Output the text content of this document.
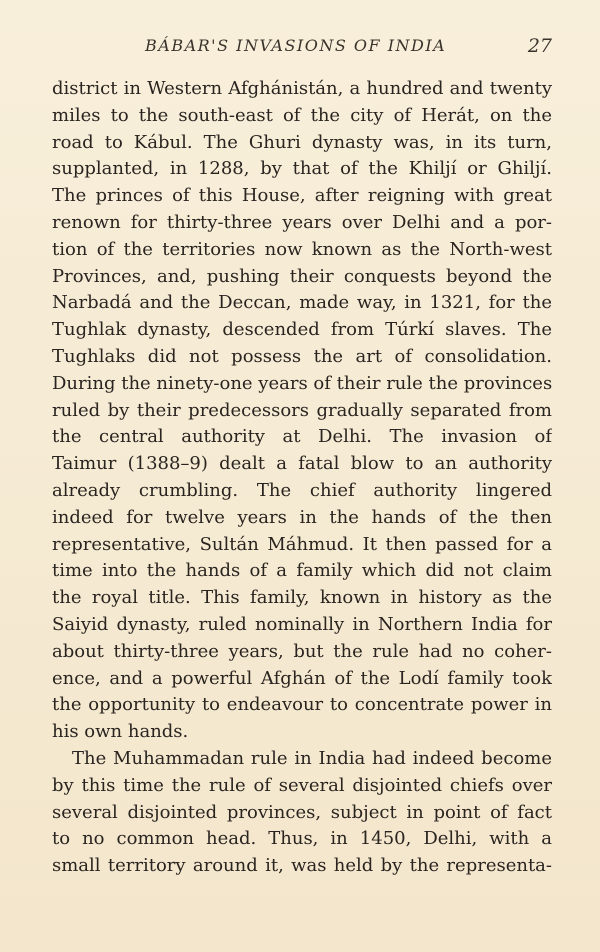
BÁBAR'S INVASIONS OF INDIA	27
district in Western Afghánistán, a hundred and twenty
miles to the south-east of the city of Herát, on the
road to Kábul. The Ghuri dynasty was, in its turn,
supplanted, in 1288, by that of the Khiljí or Ghiljí.
The princes of this House, after reigning with great
renown for thirty-three years over Delhi and a por-
tion of the territories now known as the North-west
Provinces, and, pushing their conquests beyond the
Narbadá and the Deccan, made way, in 1321, for the
Tughlak dynasty, descended from Túrkí slaves. The
Tughlaks did not possess the art of consolidation.
During the ninety-one years of their rule the provinces
ruled by their predecessors gradually separated from
the central authority at Delhi. The invasion of
Taimur (1388–9) dealt a fatal blow to an authority
already crumbling. The chief authority lingered
indeed for twelve years in the hands of the then
representative, Sultán Máhmud. It then passed for a
time into the hands of a family which did not claim
the royal title. This family, known in history as the
Saiyid dynasty, ruled nominally in Northern India for
about thirty-three years, but the rule had no coher-
ence, and a powerful Afghán of the Lodí family took
the opportunity to endeavour to concentrate power in
his own hands.
The Muhammadan rule in India had indeed become
by this time the rule of several disjointed chiefs over
several disjointed provinces, subject in point of fact
to no common head. Thus, in 1450, Delhi, with a
small territory around it, was held by the representa-
